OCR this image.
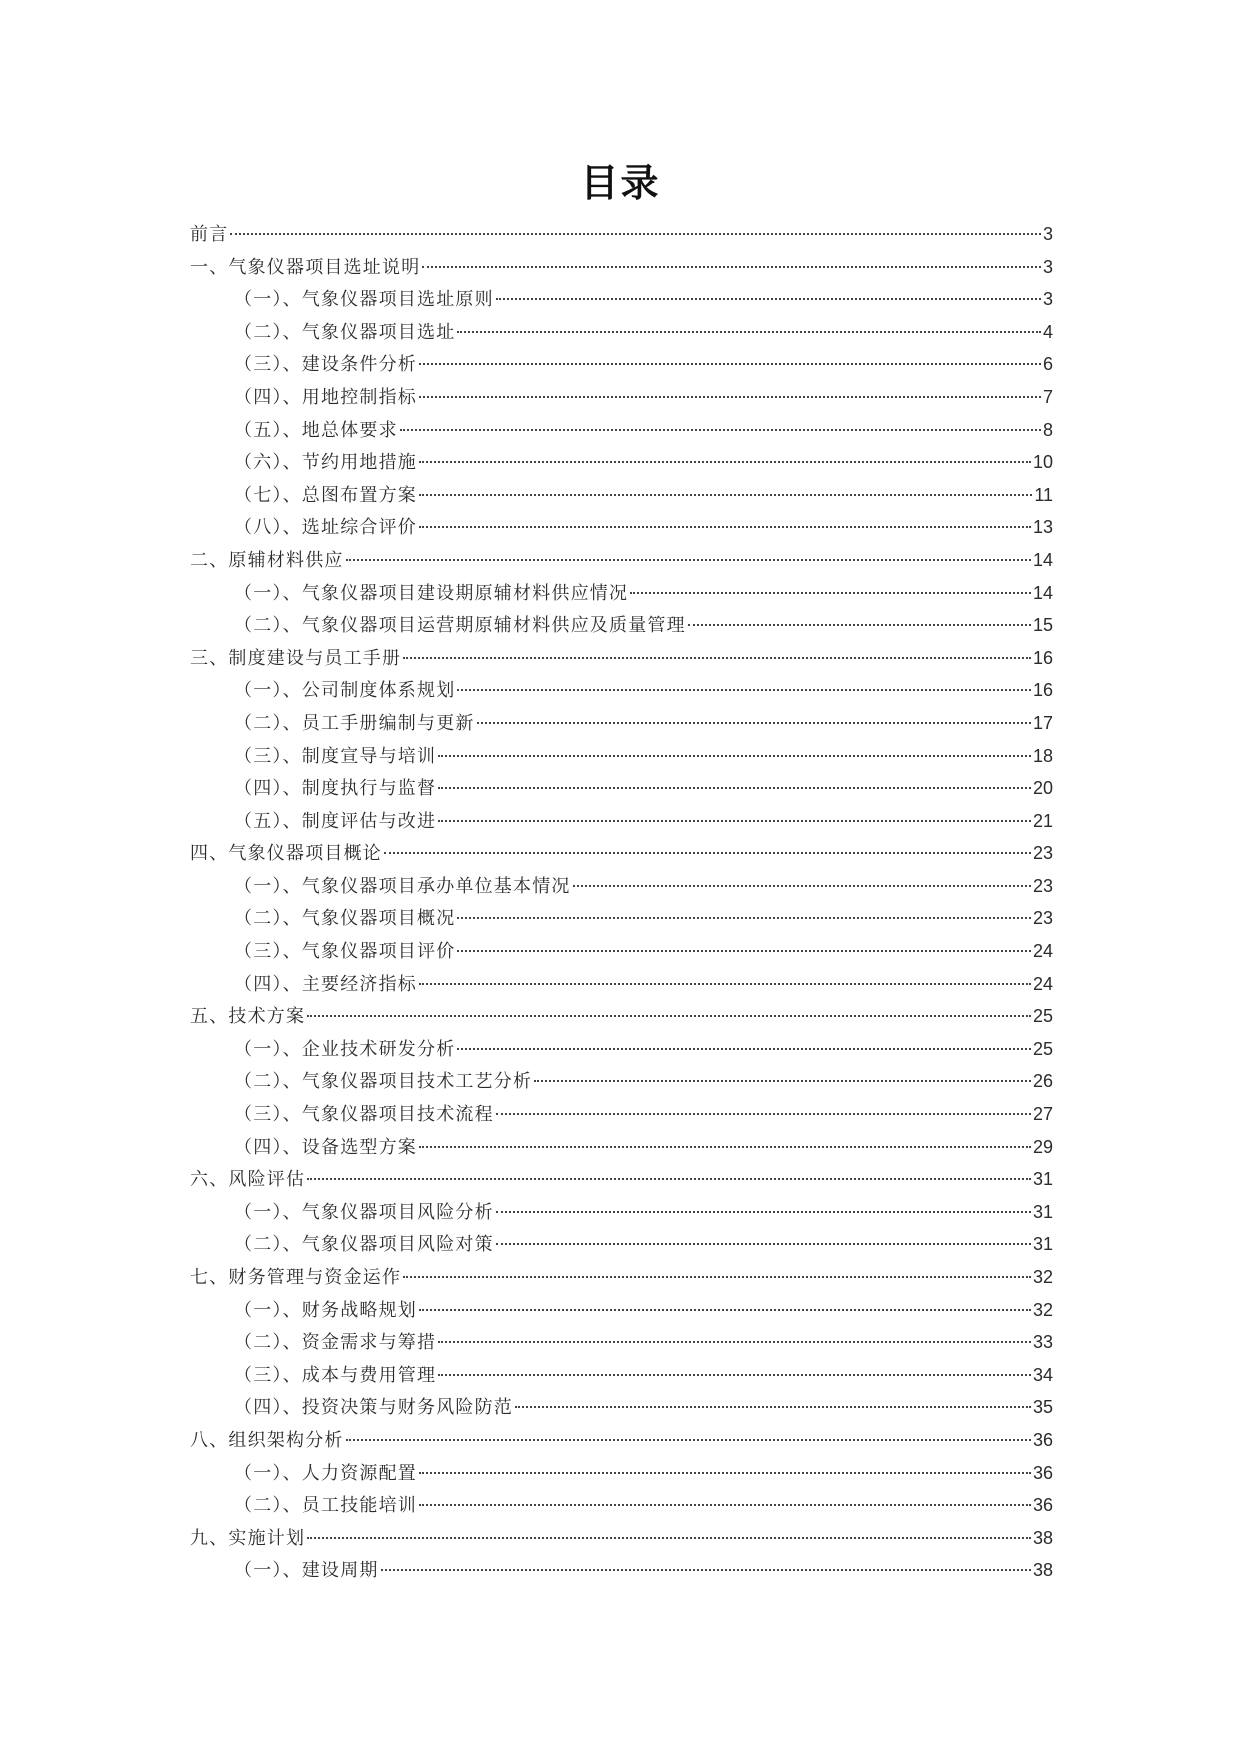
目录
前言	3
一、气象仪器项目选址说明	3
（一）、气象仪器项目选址原则	3
（二）、气象仪器项目选址	4
（三）、建设条件分析	6
（四）、用地控制指标	7
（五）、地总体要求	8
（六）、节约用地措施	10
（七）、总图布置方案	11
（八）、选址综合评价	13
二、原辅材料供应	14
（一）、气象仪器项目建设期原辅材料供应情况	14
（二）、气象仪器项目运营期原辅材料供应及质量管理	15
三、制度建设与员工手册	16
（一）、公司制度体系规划	16
（二）、员工手册编制与更新	17
（三）、制度宣导与培训	18
（四）、制度执行与监督	20
（五）、制度评估与改进	21
四、气象仪器项目概论	23
（一）、气象仪器项目承办单位基本情况	23
（二）、气象仪器项目概况	23
（三）、气象仪器项目评价	24
（四）、主要经济指标	24
五、技术方案	25
（一）、企业技术研发分析	25
（二）、气象仪器项目技术工艺分析	26
（三）、气象仪器项目技术流程	27
（四）、设备选型方案	29
六、风险评估	31
（一）、气象仪器项目风险分析	31
（二）、气象仪器项目风险对策	31
七、财务管理与资金运作	32
（一）、财务战略规划	32
（二）、资金需求与筹措	33
（三）、成本与费用管理	34
（四）、投资决策与财务风险防范	35
八、组织架构分析	36
（一）、人力资源配置	36
（二）、员工技能培训	36
九、实施计划	38
（一）、建设周期	38
